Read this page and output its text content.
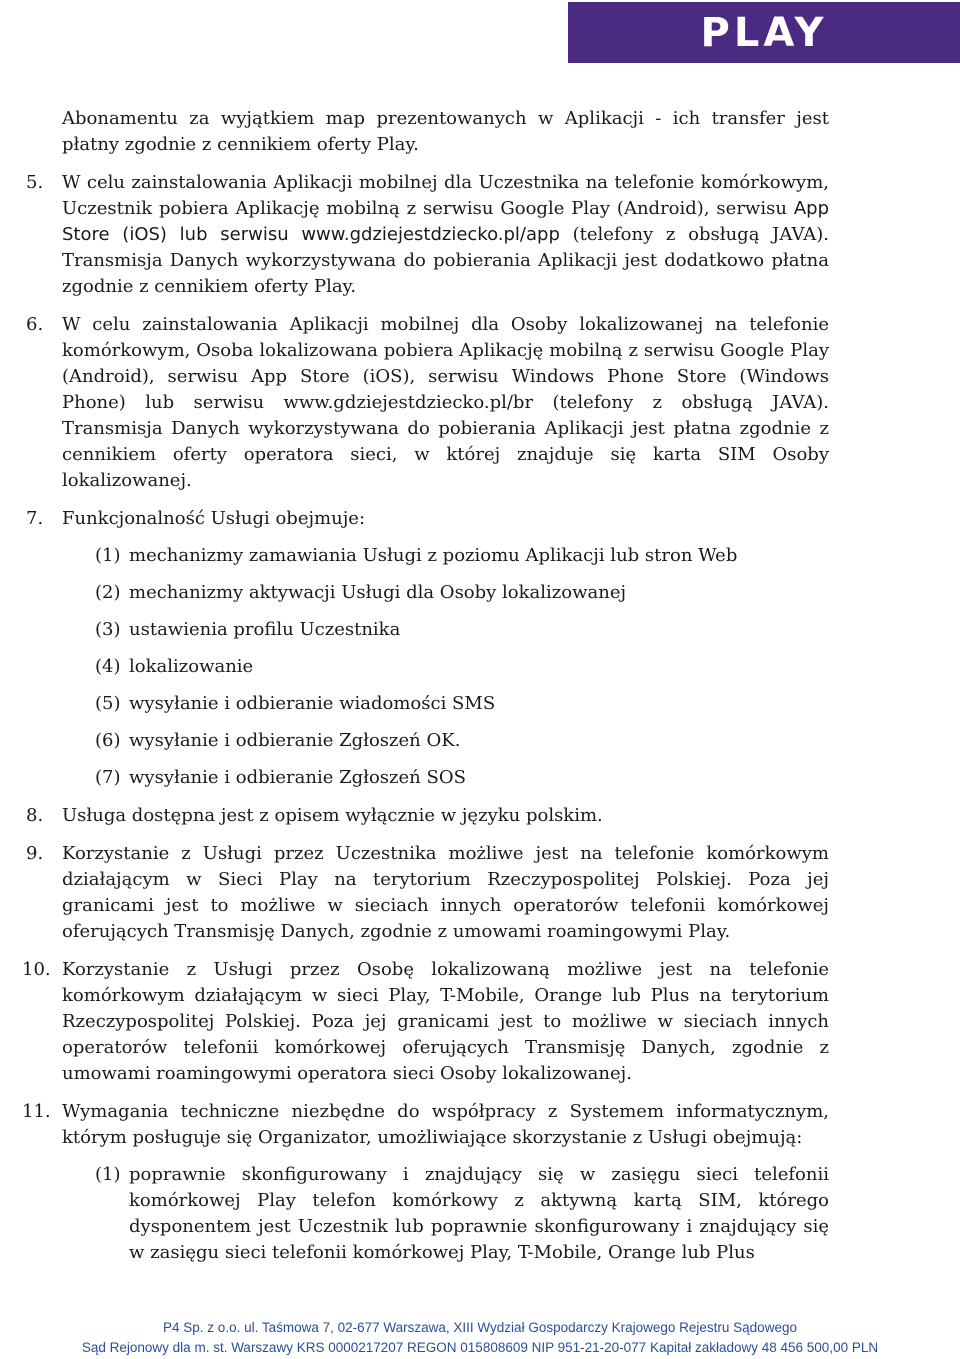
PLAY

Abonamentu za wyjątkiem map prezentowanych w Aplikacji - ich transfer jest płatny zgodnie z cennikiem oferty Play.

5.	W celu zainstalowania Aplikacji mobilnej dla Uczestnika na telefonie komórkowym, Uczestnik pobiera Aplikację mobilną z serwisu Google Play (Android), serwisu App Store (iOS) lub serwisu www.gdziejestdziecko.pl/app (telefony z obsługą JAVA). Transmisja Danych wykorzystywana do pobierania Aplikacji jest dodatkowo płatna zgodnie z cennikiem oferty Play.
6.	W celu zainstalowania Aplikacji mobilnej dla Osoby lokalizowanej na telefonie komórkowym, Osoba lokalizowana pobiera Aplikację mobilną z serwisu Google Play (Android), serwisu App Store (iOS), serwisu Windows Phone Store (Windows Phone) lub serwisu www.gdziejestdziecko.pl/br (telefony z obsługą JAVA). Transmisja Danych wykorzystywana do pobierania Aplikacji jest płatna zgodnie z cennikiem oferty operatora sieci, w której znajduje się karta SIM Osoby lokalizowanej.
7.	Funkcjonalność Usługi obejmuje:
(1) mechanizmy zamawiania Usługi z poziomu Aplikacji lub stron Web
(2) mechanizmy aktywacji Usługi dla Osoby lokalizowanej
(3) ustawienia profilu Uczestnika
(4) lokalizowanie
(5) wysyłanie i odbieranie wiadomości SMS
(6) wysyłanie i odbieranie Zgłoszeń OK.
(7) wysyłanie i odbieranie Zgłoszeń SOS
8.	Usługa dostępna jest z opisem wyłącznie w języku polskim.
9.	Korzystanie z Usługi przez Uczestnika możliwe jest na telefonie komórkowym działającym w Sieci Play na terytorium Rzeczypospolitej Polskiej. Poza jej granicami jest to możliwe w sieciach innych operatorów telefonii komórkowej oferujących Transmisję Danych, zgodnie z umowami roamingowymi Play.
10. Korzystanie z Usługi przez Osobę lokalizowaną możliwe jest na telefonie komórkowym działającym w sieci Play, T-Mobile, Orange lub Plus na terytorium Rzeczypospolitej Polskiej. Poza jej granicami jest to możliwe w sieciach innych operatorów telefonii komórkowej oferujących Transmisję Danych, zgodnie z umowami roamingowymi operatora sieci Osoby lokalizowanej.
11. Wymagania techniczne niezbędne do współpracy z Systemem informatycznym, którym posługuje się Organizator, umożliwiające skorzystanie z Usługi obejmują:
(1) poprawnie skonfigurowany i znajdujący się w zasięgu sieci telefonii komórkowej Play telefon komórkowy z aktywną kartą SIM, którego dysponentem jest Uczestnik lub poprawnie skonfigurowany i znajdujący się w zasięgu sieci telefonii komórkowej Play, T-Mobile, Orange lub Plus
P4 Sp. z o.o. ul. Taśmowa 7, 02-677 Warszawa, XIII Wydział Gospodarczy Krajowego Rejestru Sądowego
Sąd Rejonowy dla m. st. Warszawy KRS 0000217207 REGON 015808609 NIP 951-21-20-077 Kapitał zakładowy 48 456 500,00 PLN
